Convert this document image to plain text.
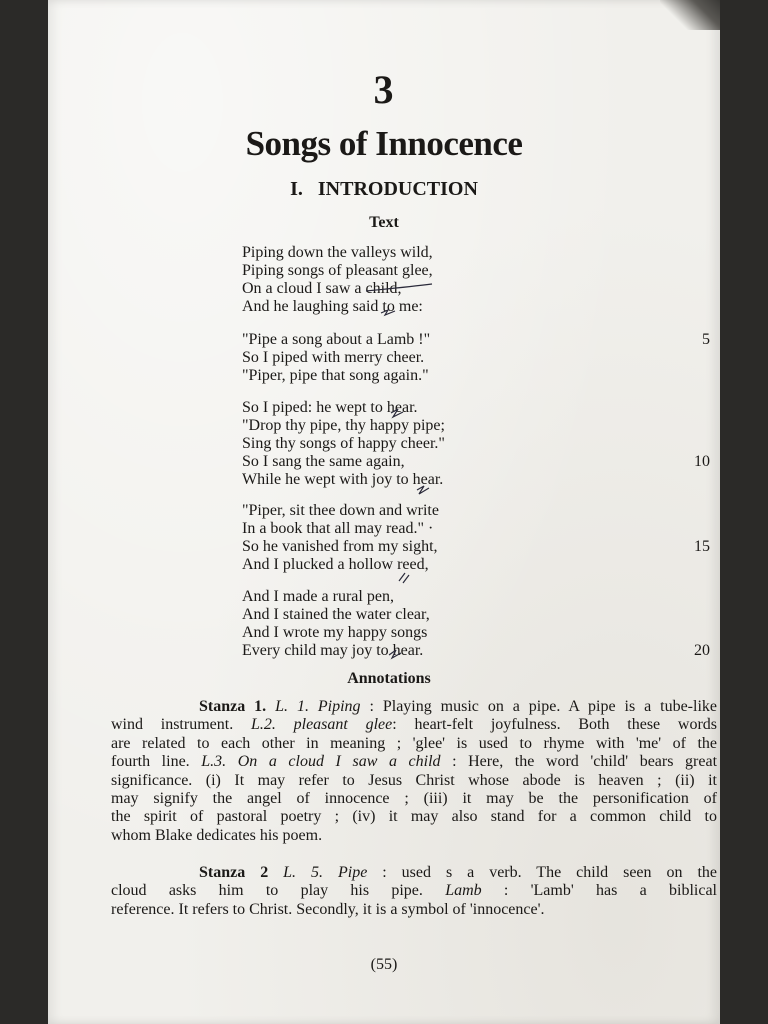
3
Songs of Innocence
I. INTRODUCTION
Text
Piping down the valleys wild,
Piping songs of pleasant glee,
On a cloud I saw a child,
And he laughing said to me:
"Pipe a song about a Lamb !"	5
So I piped with merry cheer.
"Piper, pipe that song again."
So I piped: he wept to hear.
"Drop thy pipe, thy happy pipe;
Sing thy songs of happy cheer."
So I sang the same again,	10
While he wept with joy to hear.
"Piper, sit thee down and write
In a book that all may read." ·
So he vanished from my sight,	15
And I plucked a hollow reed,
And I made a rural pen,
And I stained the water clear,
And I wrote my happy songs
Every child may joy to hear.	20
Annotations
Stanza 1. L. 1. Piping : Playing music on a pipe. A pipe is a tube-like
wind instrument. L.2. pleasant glee: heart-felt joyfulness. Both these words
are related to each other in meaning ; 'glee' is used to rhyme with 'me' of the
fourth line. L.3. On a cloud I saw a child : Here, the word 'child' bears great
significance. (i) It may refer to Jesus Christ whose abode is heaven ; (ii) it
may signify the angel of innocence ; (iii) it may be the personification of
the spirit of pastoral poetry ; (iv) it may also stand for a common child to
whom Blake dedicates his poem.
Stanza 2 L. 5. Pipe : used s a verb. The child seen on the
cloud asks him to play his pipe. Lamb : 'Lamb' has a biblical
reference. It refers to Christ. Secondly, it is a symbol of 'innocence'.
(55)
